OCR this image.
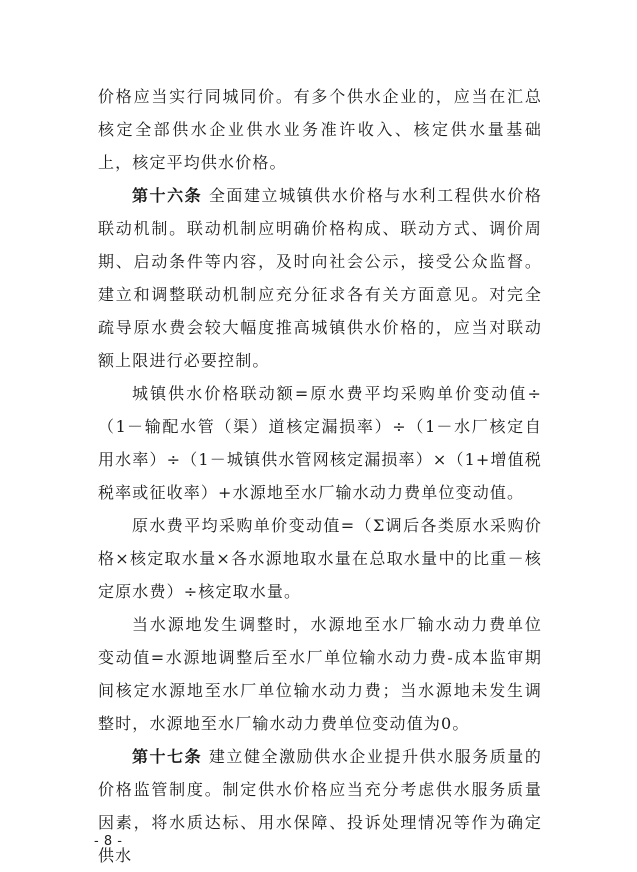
价格应当实行同城同价。有多个供水企业的，应当在汇总核定全部供水企业供水业务准许收入、核定供水量基础上，核定平均供水价格。

第十六条 全面建立城镇供水价格与水利工程供水价格联动机制。联动机制应明确价格构成、联动方式、调价周期、启动条件等内容，及时向社会公示，接受公众监督。建立和调整联动机制应充分征求各有关方面意见。对完全疏导原水费会较大幅度推高城镇供水价格的，应当对联动额上限进行必要控制。

城镇供水价格联动额=原水费平均采购单价变动值÷（1－输配水管（渠）道核定漏损率）÷（1－水厂核定自用水率）÷（1－城镇供水管网核定漏损率）×（1+增值税税率或征收率）+水源地至水厂输水动力费单位变动值。

原水费平均采购单价变动值=（Σ调后各类原水采购价格×核定取水量×各水源地取水量在总取水量中的比重－核定原水费）÷核定取水量。

当水源地发生调整时，水源地至水厂输水动力费单位变动值=水源地调整后至水厂单位输水动力费-成本监审期间核定水源地至水厂单位输水动力费；当水源地未发生调整时，水源地至水厂输水动力费单位变动值为0。

第十七条 建立健全激励供水企业提升供水服务质量的价格监管制度。制定供水价格应当充分考虑供水服务质量因素，将水质达标、用水保障、投诉处理情况等作为确定供水

- 8 -
